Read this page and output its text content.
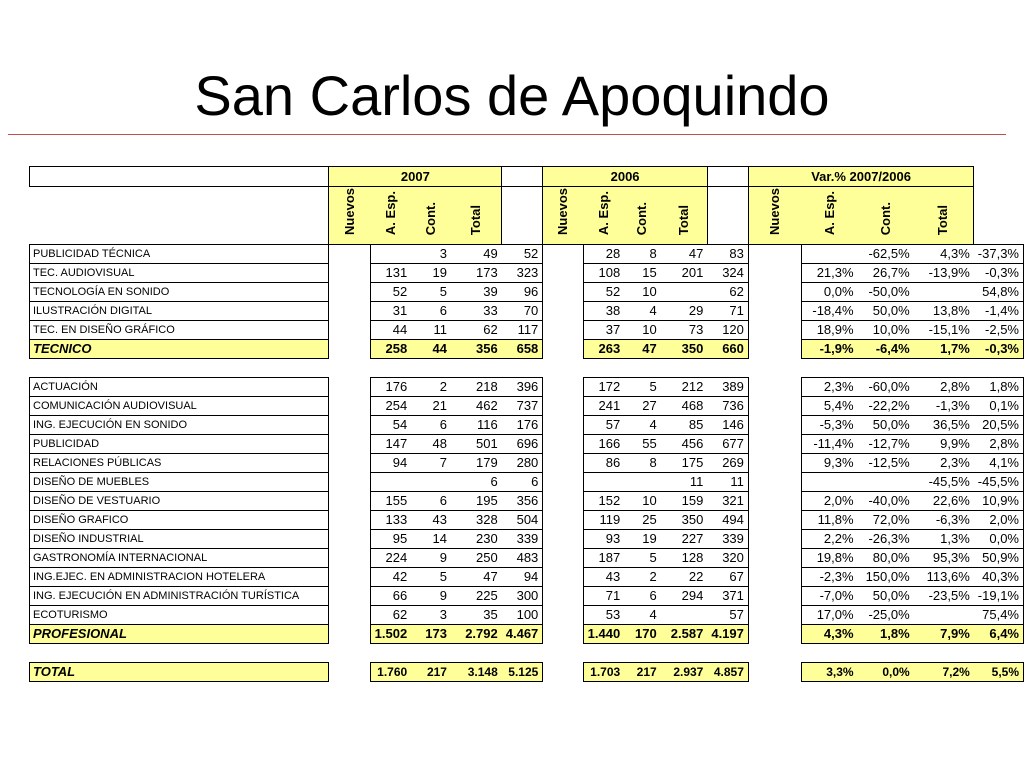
San Carlos de Apoquindo
	2007					2006					Var.% 2007/2006				
	Nuevos	A. Esp.	Cont.	Total		Nuevos	A. Esp.	Cont.	Total		Nuevos	A. Esp.	Cont.	Total	
PUBLICIDAD TÉCNICA			3	49	52		28	8	47	83			-62,5%	4,3%	-37,3%
TEC. AUDIOVISUAL		131	19	173	323		108	15	201	324		21,3%	26,7%	-13,9%	-0,3%
TECNOLOGÍA EN SONIDO		52	5	39	96		52	10		62		0,0%	-50,0%		54,8%
ILUSTRACIÓN DIGITAL		31	6	33	70		38	4	29	71		-18,4%	50,0%	13,8%	-1,4%
TEC. EN DISEÑO GRÁFICO		44	11	62	117		37	10	73	120		18,9%	10,0%	-15,1%	-2,5%
TECNICO		258	44	356	658		263	47	350	660		-1,9%	-6,4%	1,7%	-0,3%

ACTUACIÓN		176	2	218	396		172	5	212	389		2,3%	-60,0%	2,8%	1,8%
COMUNICACIÓN AUDIOVISUAL		254	21	462	737		241	27	468	736		5,4%	-22,2%	-1,3%	0,1%
ING. EJECUCIÓN EN SONIDO		54	6	116	176		57	4	85	146		-5,3%	50,0%	36,5%	20,5%
PUBLICIDAD		147	48	501	696		166	55	456	677		-11,4%	-12,7%	9,9%	2,8%
RELACIONES PÚBLICAS		94	7	179	280		86	8	175	269		9,3%	-12,5%	2,3%	4,1%
DISEÑO DE MUEBLES				6	6				11	11				-45,5%	-45,5%
DISEÑO DE VESTUARIO		155	6	195	356		152	10	159	321		2,0%	-40,0%	22,6%	10,9%
DISEÑO GRAFICO		133	43	328	504		119	25	350	494		11,8%	72,0%	-6,3%	2,0%
DISEÑO INDUSTRIAL		95	14	230	339		93	19	227	339		2,2%	-26,3%	1,3%	0,0%
GASTRONOMÍA INTERNACIONAL		224	9	250	483		187	5	128	320		19,8%	80,0%	95,3%	50,9%
ING.EJEC. EN ADMINISTRACION HOTELERA		42	5	47	94		43	2	22	67		-2,3%	150,0%	113,6%	40,3%
ING. EJECUCIÓN EN ADMINISTRACIÓN TURÍSTICA		66	9	225	300		71	6	294	371		-7,0%	50,0%	-23,5%	-19,1%
ECOTURISMO		62	3	35	100		53	4		57		17,0%	-25,0%		75,4%
PROFESIONAL		1.502	173	2.792	4.467		1.440	170	2.587	4.197		4,3%	1,8%	7,9%	6,4%

TOTAL		1.760	217	3.148	5.125		1.703	217	2.937	4.857		3,3%	0,0%	7,2%	5,5%
